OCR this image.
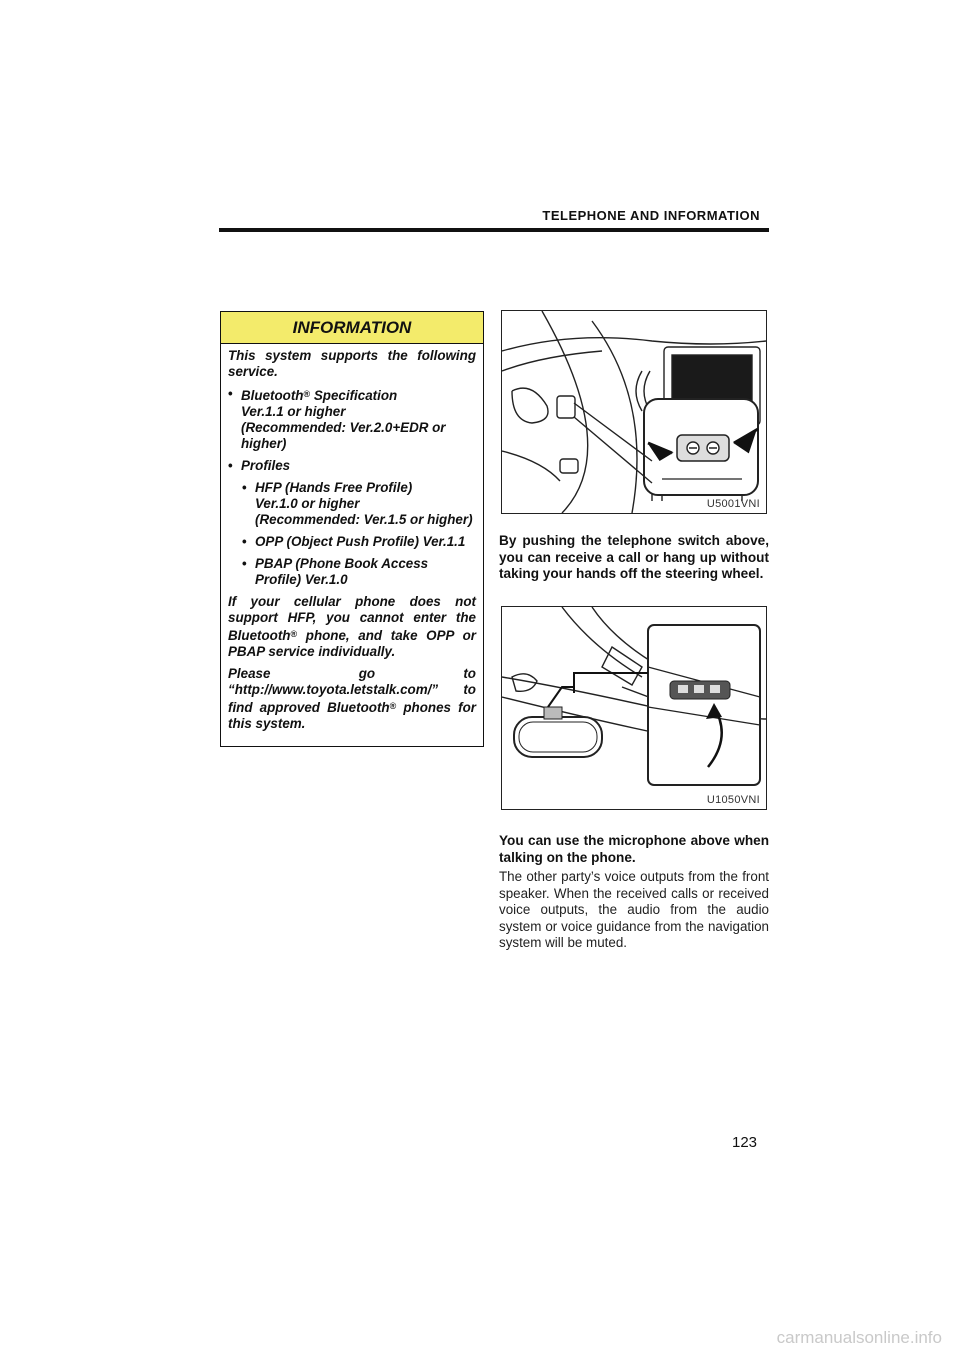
TELEPHONE AND INFORMATION
INFORMATION

This system supports the following service.

• Bluetooth® Specification
Ver.1.1 or higher
(Recommended: Ver.2.0+EDR or higher)
• Profiles
• HFP (Hands Free Profile)
Ver.1.0 or higher
(Recommended: Ver.1.5 or higher)
• OPP (Object Push Profile) Ver.1.1
• PBAP (Phone Book Access Profile) Ver.1.0

If your cellular phone does not support HFP, you cannot enter the Bluetooth® phone, and take OPP or PBAP service individually.

Please go to “http://www.toyota.letstalk.com/” to find approved Bluetooth® phones for this system.

U5001VNI
By pushing the telephone switch above, you can receive a call or hang up without taking your hands off the steering wheel.
U1050VNI
You can use the microphone above when talking on the phone.
The other party’s voice outputs from the front speaker. When the received calls or received voice outputs, the audio from the audio system or voice guidance from the navigation system will be muted.
123
carmanualsonline.info
